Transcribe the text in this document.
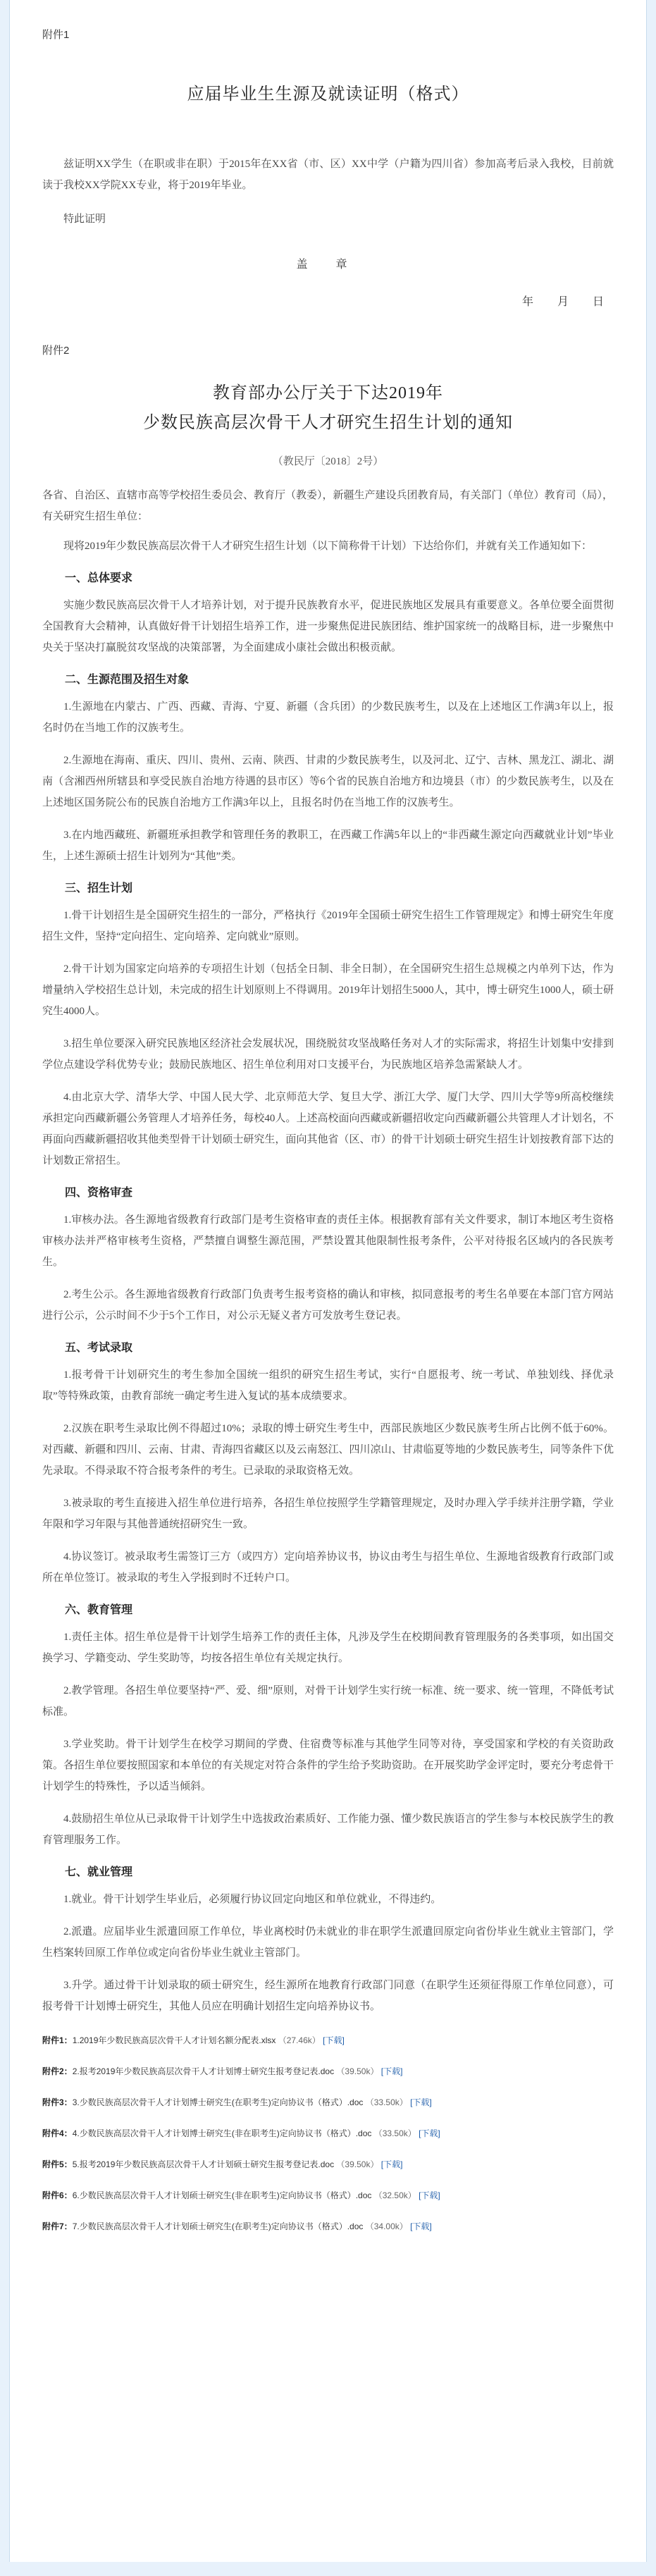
附件1
应届毕业生生源及就读证明（格式）

兹证明XX学生（在职或非在职）于2015年在XX省（市、区）XX中学（户籍为四川省）参加高考后录入我校，目前就读于我校XX学院XX专业，将于2019年毕业。

特此证明

盖 章
年 月 日
附件2
教育部办公厅关于下达2019年
少数民族高层次骨干人才研究生招生计划的通知
（教民厅〔2018〕2号）

各省、自治区、直辖市高等学校招生委员会、教育厅（教委），新疆生产建设兵团教育局，有关部门（单位）教育司（局），有关研究生招生单位：

现将2019年少数民族高层次骨干人才研究生招生计划（以下简称骨干计划）下达给你们，并就有关工作通知如下：

一、总体要求

实施少数民族高层次骨干人才培养计划，对于提升民族教育水平，促进民族地区发展具有重要意义。各单位要全面贯彻全国教育大会精神，认真做好骨干计划招生培养工作，进一步聚焦促进民族团结、维护国家统一的战略目标，进一步聚焦中央关于坚决打赢脱贫攻坚战的决策部署，为全面建成小康社会做出积极贡献。

二、生源范围及招生对象

1.生源地在内蒙古、广西、西藏、青海、宁夏、新疆（含兵团）的少数民族考生，以及在上述地区工作满3年以上，报名时仍在当地工作的汉族考生。

2.生源地在海南、重庆、四川、贵州、云南、陕西、甘肃的少数民族考生，以及河北、辽宁、吉林、黑龙江、湖北、湖南（含湘西州所辖县和享受民族自治地方待遇的县市区）等6个省的民族自治地方和边境县（市）的少数民族考生，以及在上述地区国务院公布的民族自治地方工作满3年以上，且报名时仍在当地工作的汉族考生。

3.在内地西藏班、新疆班承担教学和管理任务的教职工，在西藏工作满5年以上的“非西藏生源定向西藏就业计划”毕业生，上述生源硕士招生计划列为“其他”类。

三、招生计划

1.骨干计划招生是全国研究生招生的一部分，严格执行《2019年全国硕士研究生招生工作管理规定》和博士研究生年度招生文件，坚持“定向招生、定向培养、定向就业”原则。

2.骨干计划为国家定向培养的专项招生计划（包括全日制、非全日制），在全国研究生招生总规模之内单列下达，作为增量纳入学校招生总计划，未完成的招生计划原则上不得调用。2019年计划招生5000人，其中，博士研究生1000人，硕士研究生4000人。

3.招生单位要深入研究民族地区经济社会发展状况，围绕脱贫攻坚战略任务对人才的实际需求，将招生计划集中安排到学位点建设学科优势专业；鼓励民族地区、招生单位利用对口支援平台，为民族地区培养急需紧缺人才。

4.由北京大学、清华大学、中国人民大学、北京师范大学、复旦大学、浙江大学、厦门大学、四川大学等9所高校继续承担定向西藏新疆公务管理人才培养任务，每校40人。上述高校面向西藏或新疆招收定向西藏新疆公共管理人才计划名，不再面向西藏新疆招收其他类型骨干计划硕士研究生，面向其他省（区、市）的骨干计划硕士研究生招生计划按教育部下达的计划数正常招生。

四、资格审查

1.审核办法。各生源地省级教育行政部门是考生资格审查的责任主体。根据教育部有关文件要求，制订本地区考生资格审核办法并严格审核考生资格，严禁擅自调整生源范围，严禁设置其他限制性报考条件，公平对待报名区域内的各民族考生。

2.考生公示。各生源地省级教育行政部门负责考生报考资格的确认和审核，拟同意报考的考生名单要在本部门官方网站进行公示，公示时间不少于5个工作日，对公示无疑义者方可发放考生登记表。

五、考试录取

1.报考骨干计划研究生的考生参加全国统一组织的研究生招生考试，实行“自愿报考、统一考试、单独划线、择优录取”等特殊政策，由教育部统一确定考生进入复试的基本成绩要求。

2.汉族在职考生录取比例不得超过10%；录取的博士研究生考生中，西部民族地区少数民族考生所占比例不低于60%。对西藏、新疆和四川、云南、甘肃、青海四省藏区以及云南怒江、四川凉山、甘肃临夏等地的少数民族考生，同等条件下优先录取。不得录取不符合报考条件的考生。已录取的录取资格无效。

3.被录取的考生直接进入招生单位进行培养，各招生单位按照学生学籍管理规定，及时办理入学手续并注册学籍，学业年限和学习年限与其他普通统招研究生一致。

4.协议签订。被录取考生需签订三方（或四方）定向培养协议书，协议由考生与招生单位、生源地省级教育行政部门或所在单位签订。被录取的考生入学报到时不迁转户口。

六、教育管理

1.责任主体。招生单位是骨干计划学生培养工作的责任主体，凡涉及学生在校期间教育管理服务的各类事项，如出国交换学习、学籍变动、学生奖助等，均按各招生单位有关规定执行。

2.教学管理。各招生单位要坚持“严、爱、细”原则，对骨干计划学生实行统一标准、统一要求、统一管理，不降低考试标准。

3.学业奖助。骨干计划学生在校学习期间的学费、住宿费等标准与其他学生同等对待，享受国家和学校的有关资助政策。各招生单位要按照国家和本单位的有关规定对符合条件的学生给予奖助资助。在开展奖助学金评定时，要充分考虑骨干计划学生的特殊性，予以适当倾斜。

4.鼓励招生单位从已录取骨干计划学生中选拔政治素质好、工作能力强、懂少数民族语言的学生参与本校民族学生的教育管理服务工作。

七、就业管理

1.就业。骨干计划学生毕业后，必须履行协议回定向地区和单位就业，不得违约。

2.派遣。应届毕业生派遣回原工作单位，毕业离校时仍未就业的非在职学生派遣回原定向省份毕业生就业主管部门，学生档案转回原工作单位或定向省份毕业生就业主管部门。

3.升学。通过骨干计划录取的硕士研究生，经生源所在地教育行政部门同意（在职学生还须征得原工作单位同意），可报考骨干计划博士研究生，其他人员应在明确计划招生定向培养协议书。

附件1：1.2019年少数民族高层次骨干人才计划名额分配表.xlsx （27.46k） [下载]
附件2：2.报考2019年少数民族高层次骨干人才计划博士研究生报考登记表.doc （39.50k） [下载]
附件3：3.少数民族高层次骨干人才计划博士研究生(在职考生)定向协议书（格式）.doc （33.50k） [下载]
附件4：4.少数民族高层次骨干人才计划博士研究生(非在职考生)定向协议书（格式）.doc （33.50k） [下载]
附件5：5.报考2019年少数民族高层次骨干人才计划硕士研究生报考登记表.doc （39.50k） [下载]
附件6：6.少数民族高层次骨干人才计划硕士研究生(非在职考生)定向协议书（格式）.doc （32.50k） [下载]
附件7：7.少数民族高层次骨干人才计划硕士研究生(在职考生)定向协议书（格式）.doc （34.00k） [下载]
